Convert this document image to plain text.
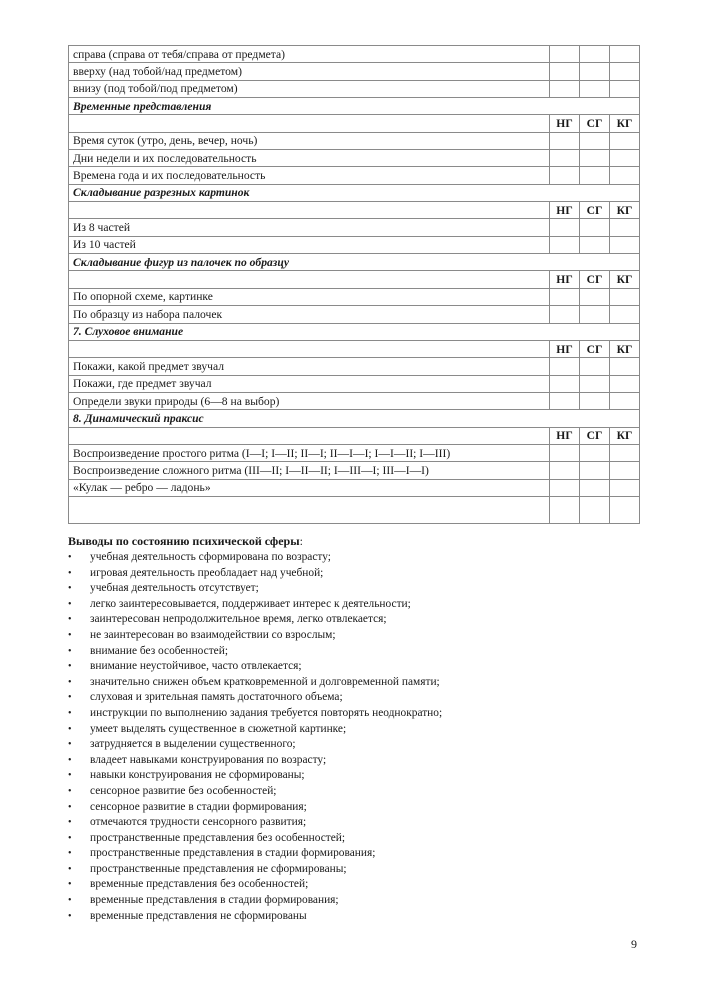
справа (справа от тебя/справа от предмета)			
вверху (над тобой/над предметом)			
внизу (под тобой/под предметом)			
Временные представления			
	НГ	СГ	КГ
Время суток (утро, день, вечер, ночь)			
Дни недели и их последовательность			
Времена года и их последовательность			
Складывание разрезных картинок			
	НГ	СГ	КГ
Из 8 частей			
Из 10 частей			
Складывание фигур из палочек по образцу			
	НГ	СГ	КГ
По опорной схеме, картинке			
По образцу из набора палочек			
7. Слуховое внимание			
	НГ	СГ	КГ
Покажи, какой предмет звучал			
Покажи, где предмет звучал			
Определи звуки природы (6—8 на выбор)			
8. Динамический праксис			
	НГ	СГ	КГ
Воспроизведение простого ритма (I—I; I—II; II—I; II—I—I; I—I—II; I—III)			
Воспроизведение сложного ритма (III—II; I—II—II; I—III—I; III—I—I)			
«Кулак — ребро — ладонь»			

Выводы по состоянию психической сферы:
• учебная деятельность сформирована по возрасту;
• игровая деятельность преобладает над учебной;
• учебная деятельность отсутствует;
• легко заинтересовывается, поддерживает интерес к деятельности;
• заинтересован непродолжительное время, легко отвлекается;
• не заинтересован во взаимодействии со взрослым;
• внимание без особенностей;
• внимание неустойчивое, часто отвлекается;
• значительно снижен объем кратковременной и долговременной памяти;
• слуховая и зрительная память достаточного объема;
• инструкции по выполнению задания требуется повторять неоднократно;
• умеет выделять существенное в сюжетной картинке;
• затрудняется в выделении существенного;
• владеет навыками конструирования по возрасту;
• навыки конструирования не сформированы;
• сенсорное развитие без особенностей;
• сенсорное развитие в стадии формирования;
• отмечаются трудности сенсорного развития;
• пространственные представления без особенностей;
• пространственные представления в стадии формирования;
• пространственные представления не сформированы;
• временные представления без особенностей;
• временные представления в стадии формирования;
• временные представления не сформированы
9
